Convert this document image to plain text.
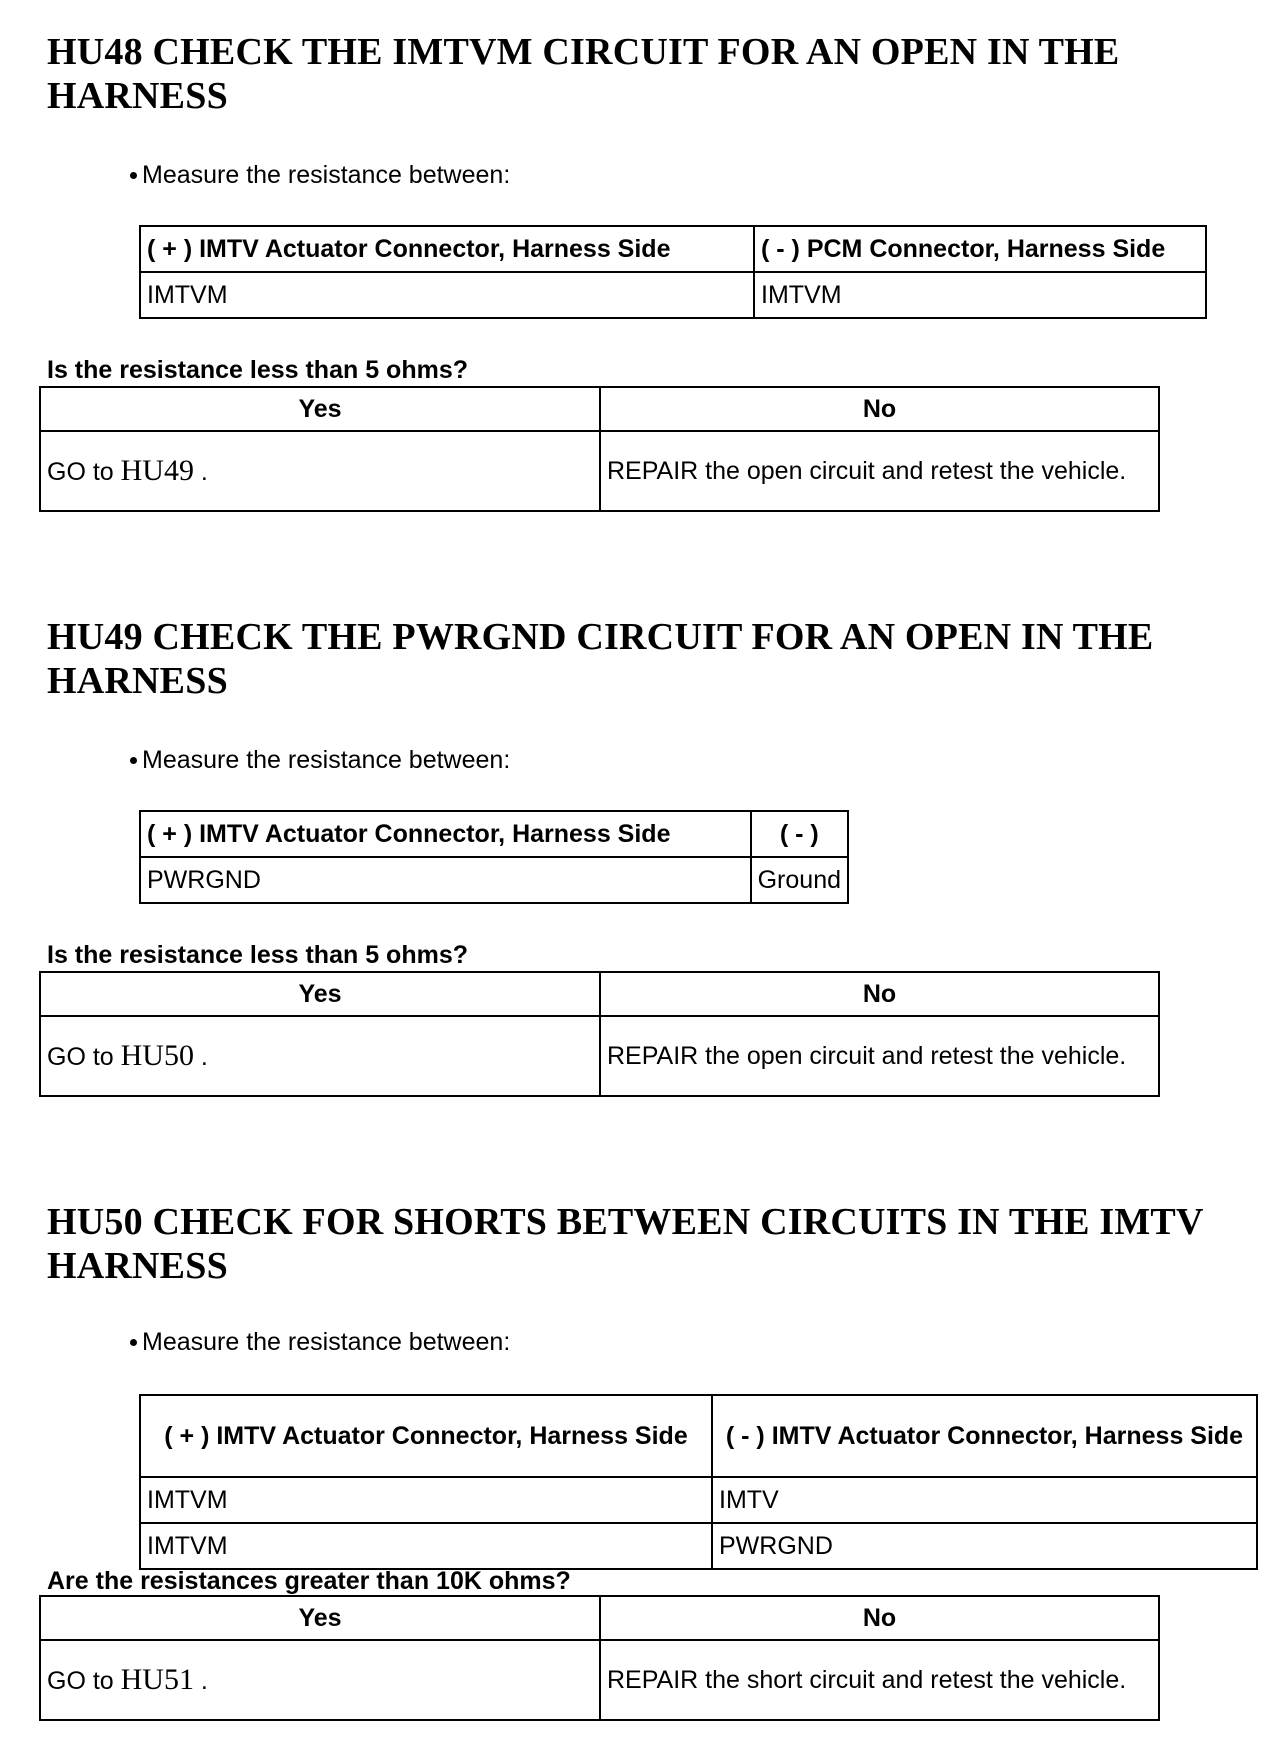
HU48 CHECK THE IMTVM CIRCUIT FOR AN OPEN IN THE HARNESS
Measure the resistance between:
( + ) IMTV Actuator Connector, Harness Side	( - ) PCM Connector, Harness Side
IMTVM	IMTVM
Is the resistance less than 5 ohms?
Yes	No
GO to HU49 .	REPAIR the open circuit and retest the vehicle.
HU49 CHECK THE PWRGND CIRCUIT FOR AN OPEN IN THE HARNESS
Measure the resistance between:
( + ) IMTV Actuator Connector, Harness Side	( - )
PWRGND	Ground
Is the resistance less than 5 ohms?
Yes	No
GO to HU50 .	REPAIR the open circuit and retest the vehicle.
HU50 CHECK FOR SHORTS BETWEEN CIRCUITS IN THE IMTV HARNESS
Measure the resistance between:
( + ) IMTV Actuator Connector, Harness Side	( - ) IMTV Actuator Connector, Harness Side
IMTVM	IMTV
IMTVM	PWRGND
Are the resistances greater than 10K ohms?
Yes	No
GO to HU51 .	REPAIR the short circuit and retest the vehicle.
